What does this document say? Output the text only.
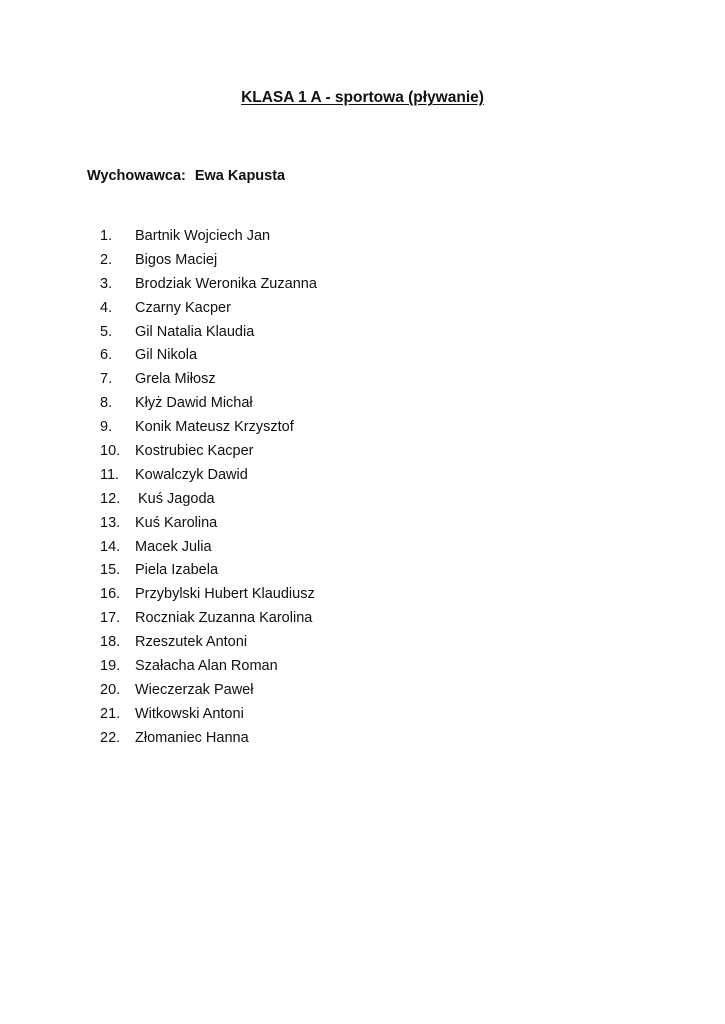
KLASA 1 A - sportowa (pływanie)
Wychowawca: Ewa Kapusta
1.	Bartnik Wojciech Jan
2.	Bigos Maciej
3.	Brodziak Weronika Zuzanna
4.	Czarny Kacper
5.	Gil Natalia Klaudia
6.	Gil Nikola
7.	Grela Miłosz
8.	Kłyż Dawid Michał
9.	Konik Mateusz Krzysztof
10.	Kostrubiec Kacper
11.	Kowalczyk Dawid
12.	Kuś Jagoda
13.	Kuś Karolina
14.	Macek Julia
15.	Piela Izabela
16.	Przybylski Hubert Klaudiusz
17.	Roczniak Zuzanna Karolina
18.	Rzeszutek Antoni
19.	Szałacha Alan Roman
20.	Wieczerzak Paweł
21.	Witkowski Antoni
22.	Złomaniec Hanna
